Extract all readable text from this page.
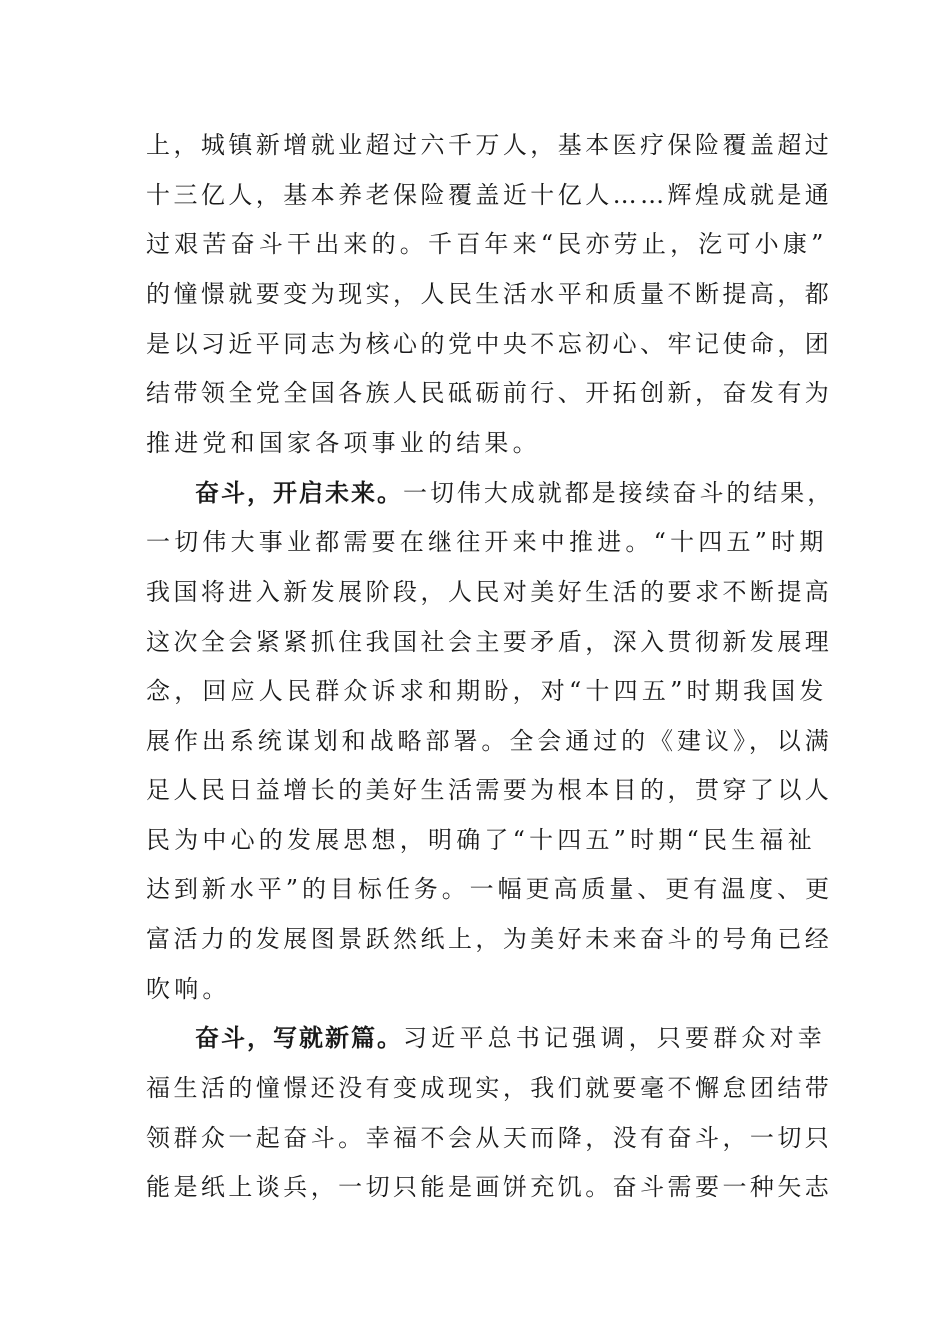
上，城镇新增就业超过六千万人，基本医疗保险覆盖超过
十三亿人，基本养老保险覆盖近十亿人……辉煌成就是通
过艰苦奋斗干出来的。千百年来“民亦劳止，汔可小康”
的憧憬就要变为现实，人民生活水平和质量不断提高，都
是以习近平同志为核心的党中央不忘初心、牢记使命，团
结带领全党全国各族人民砥砺前行、开拓创新，奋发有为
推进党和国家各项事业的结果。
奋斗，开启未来。一切伟大成就都是接续奋斗的结果，
一切伟大事业都需要在继往开来中推进。“十四五”时期
我国将进入新发展阶段，人民对美好生活的要求不断提高
这次全会紧紧抓住我国社会主要矛盾，深入贯彻新发展理
念，回应人民群众诉求和期盼，对“十四五”时期我国发
展作出系统谋划和战略部署。全会通过的《建议》，以满
足人民日益增长的美好生活需要为根本目的，贯穿了以人
民为中心的发展思想，明确了“十四五”时期“民生福祉
达到新水平”的目标任务。一幅更高质量、更有温度、更
富活力的发展图景跃然纸上，为美好未来奋斗的号角已经
吹响。
奋斗，写就新篇。习近平总书记强调，只要群众对幸
福生活的憧憬还没有变成现实，我们就要毫不懈怠团结带
领群众一起奋斗。幸福不会从天而降，没有奋斗，一切只
能是纸上谈兵，一切只能是画饼充饥。奋斗需要一种矢志
